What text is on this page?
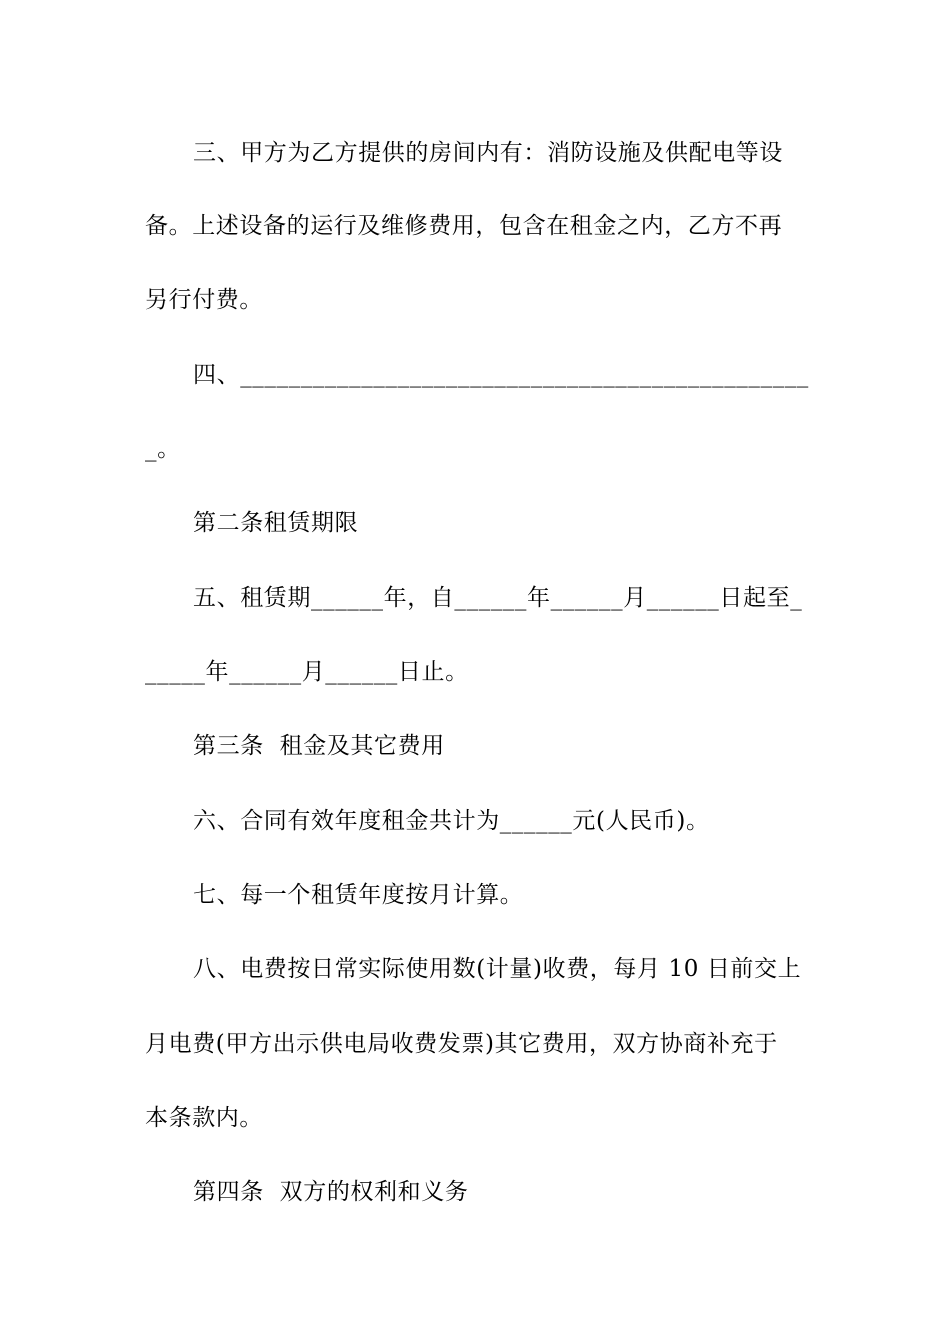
三、甲方为乙方提供的房间内有：消防设施及供配电等设
备。上述设备的运行及维修费用，包含在租金之内，乙方不再
另行付费。
四、_______________________________________________
_。
第二条租赁期限
五、租赁期______年，自______年______月______日起至_
_____年______月______日止。
第三条  租金及其它费用
六、合同有效年度租金共计为______元(人民币)。
七、每一个租赁年度按月计算。
八、电费按日常实际使用数(计量)收费，每月 10 日前交上
月电费(甲方出示供电局收费发票)其它费用，双方协商补充于
本条款内。
第四条  双方的权利和义务
